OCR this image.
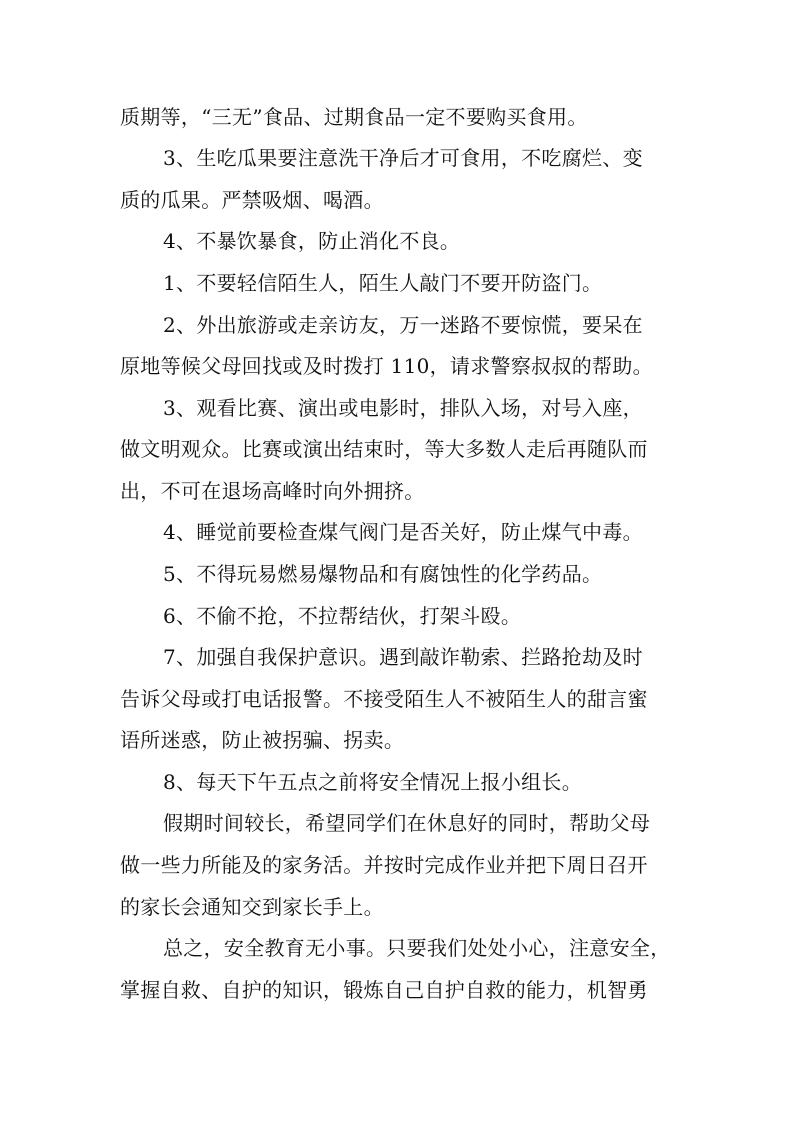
质期等，“三无”食品、过期食品一定不要购买食用。
3、生吃瓜果要注意洗干净后才可食用，不吃腐烂、变
质的瓜果。严禁吸烟、喝酒。
4、不暴饮暴食，防止消化不良。
1、不要轻信陌生人，陌生人敲门不要开防盗门。
2、外出旅游或走亲访友，万一迷路不要惊慌，要呆在
原地等候父母回找或及时拨打 110，请求警察叔叔的帮助。
3、观看比赛、演出或电影时，排队入场，对号入座，
做文明观众。比赛或演出结束时，等大多数人走后再随队而
出，不可在退场高峰时向外拥挤。
4、睡觉前要检查煤气阀门是否关好，防止煤气中毒。
5、不得玩易燃易爆物品和有腐蚀性的化学药品。
6、不偷不抢，不拉帮结伙，打架斗殴。
7、加强自我保护意识。遇到敲诈勒索、拦路抢劫及时
告诉父母或打电话报警。不接受陌生人不被陌生人的甜言蜜
语所迷惑，防止被拐骗、拐卖。
8、每天下午五点之前将安全情况上报小组长。
假期时间较长，希望同学们在休息好的同时，帮助父母
做一些力所能及的家务活。并按时完成作业并把下周日召开
的家长会通知交到家长手上。
总之，安全教育无小事。只要我们处处小心，注意安全，
掌握自救、自护的知识，锻炼自己自护自救的能力，机智勇
